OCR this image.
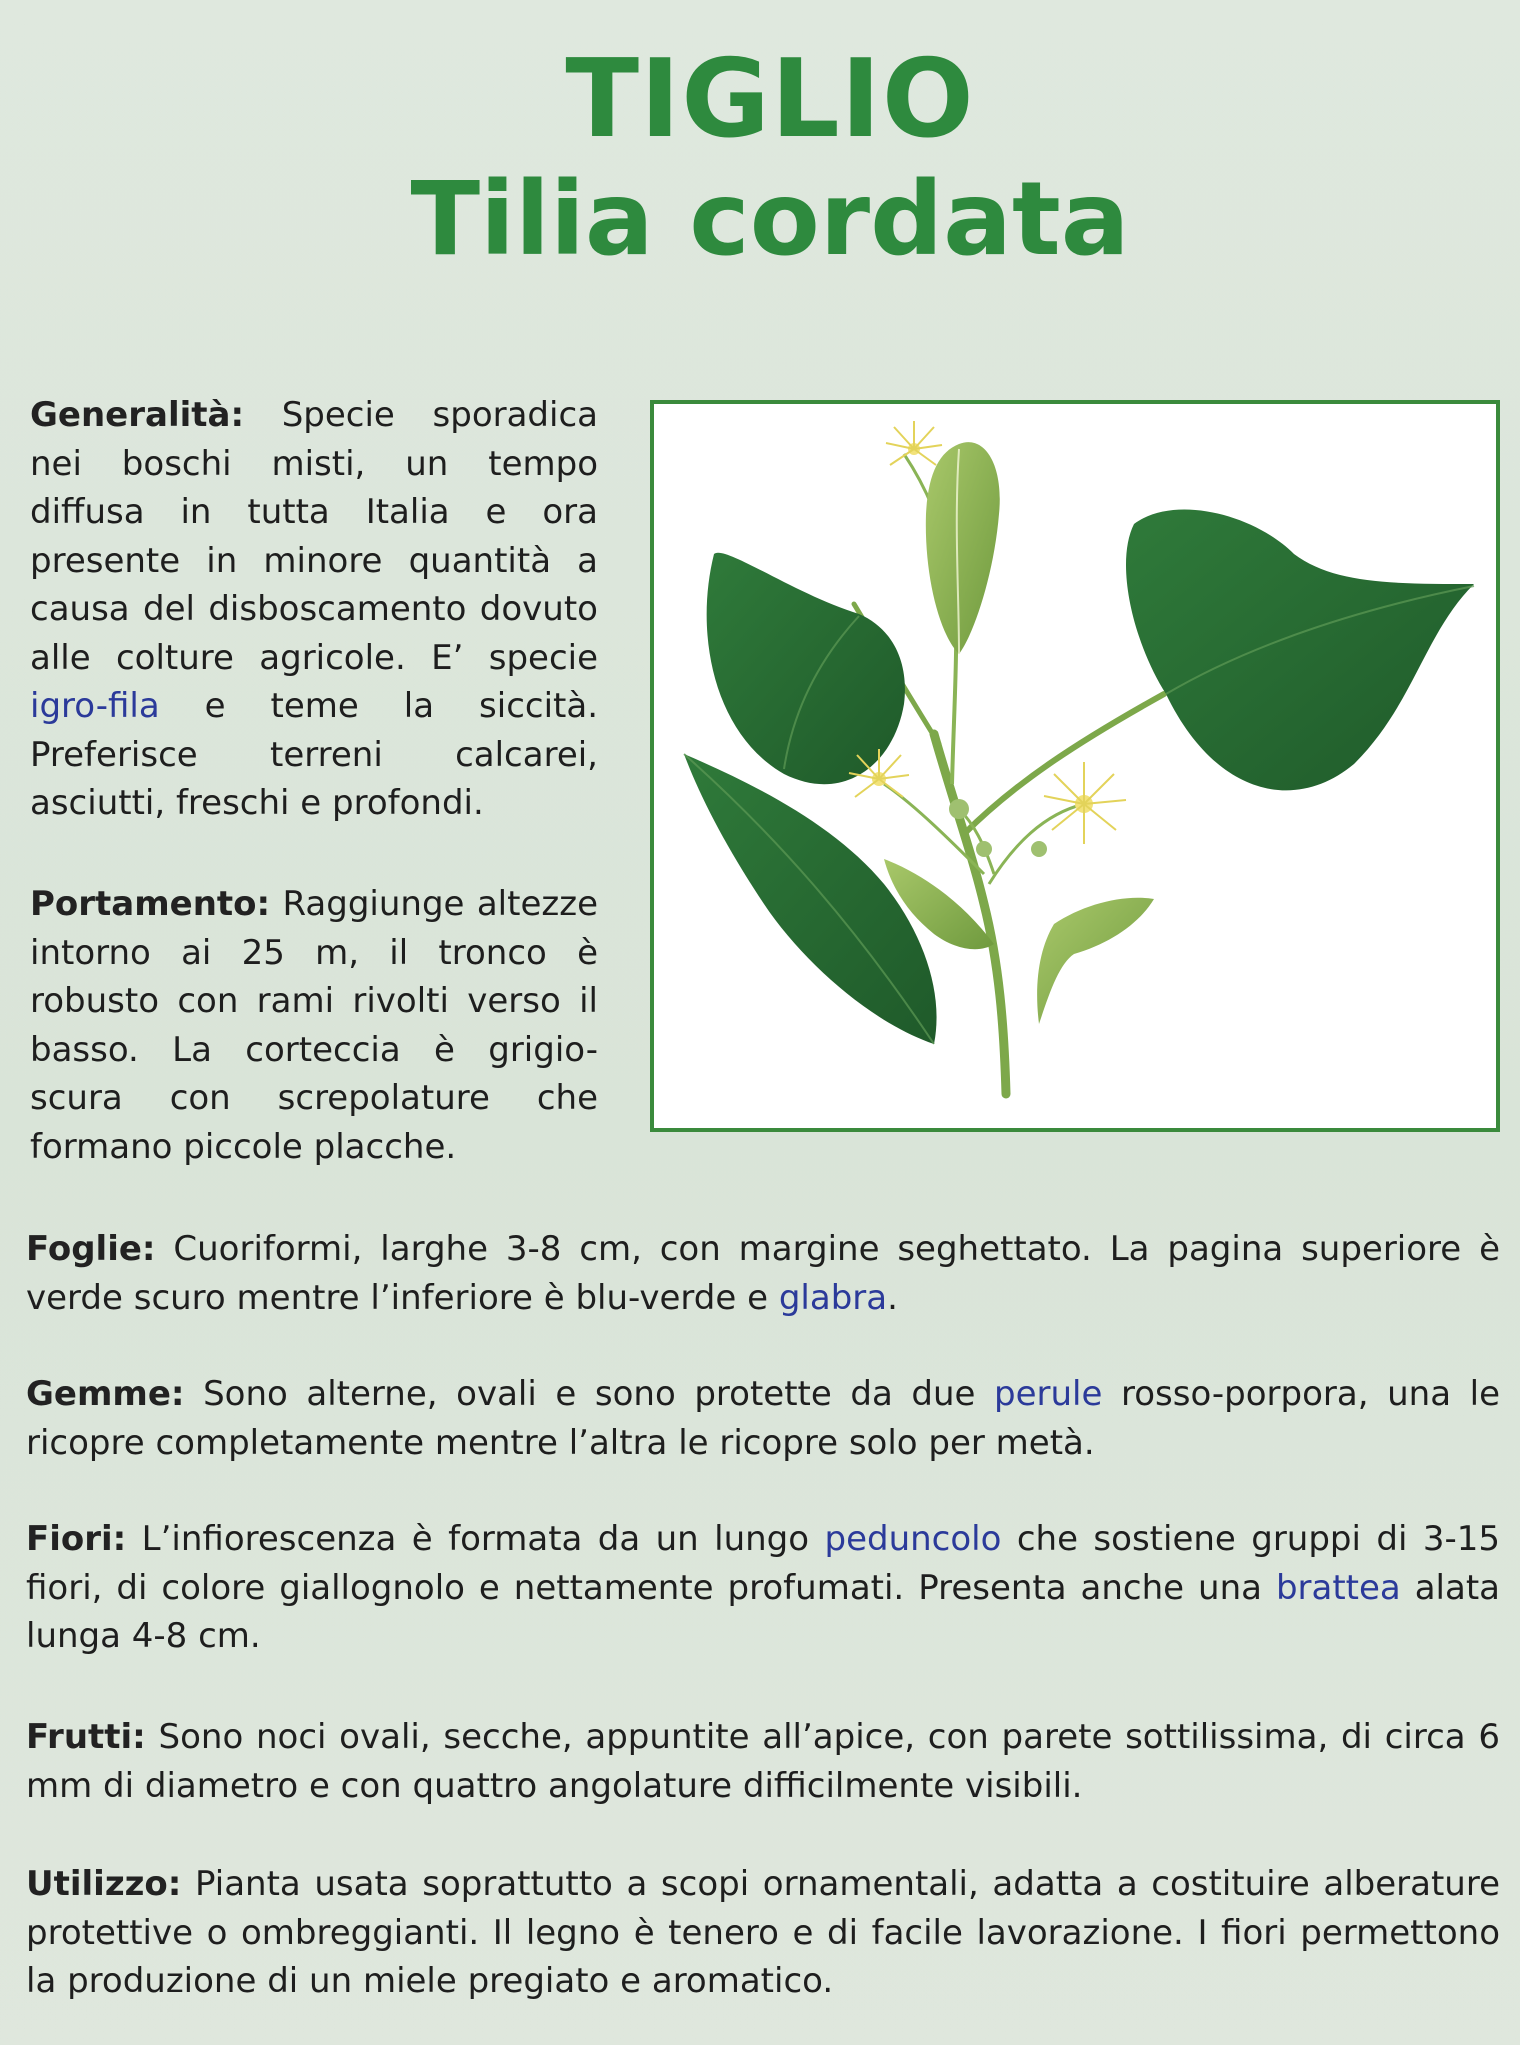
TIGLIO
Tilia cordata
Generalità: Specie sporadica nei boschi misti, un tempo diffusa in tutta Italia e ora presente in minore quantità a causa del disboscamento dovuto alle colture agricole. E’ specie igro-fila e teme la siccità. Preferisce terreni calcarei, asciutti, freschi e profondi.
Portamento: Raggiunge altezze intorno ai 25 m, il tronco è robusto con rami rivolti verso il basso. La corteccia è grigio-scura con screpolature che formano piccole placche.
Foglie: Cuoriformi, larghe 3-8 cm, con margine seghettato. La pagina superiore è verde scuro mentre l’inferiore è blu-verde e glabra.
Gemme: Sono alterne, ovali e sono protette da due perule rosso-porpora, una le ricopre completamente mentre l’altra le ricopre solo per metà.
Fiori: L’infiorescenza è formata da un lungo peduncolo che sostiene gruppi di 3-15 fiori, di colore giallognolo e nettamente profumati. Presenta anche una brattea alata lunga 4-8 cm.
Frutti: Sono noci ovali, secche, appuntite all’apice, con parete sottilissima, di circa 6 mm di diametro e con quattro angolature difficilmente visibili.
Utilizzo: Pianta usata soprattutto a scopi ornamentali, adatta a costituire alberature protettive o ombreggianti. Il legno è tenero e di facile lavorazione. I fiori permettono la produzione di un miele pregiato e aromatico.
